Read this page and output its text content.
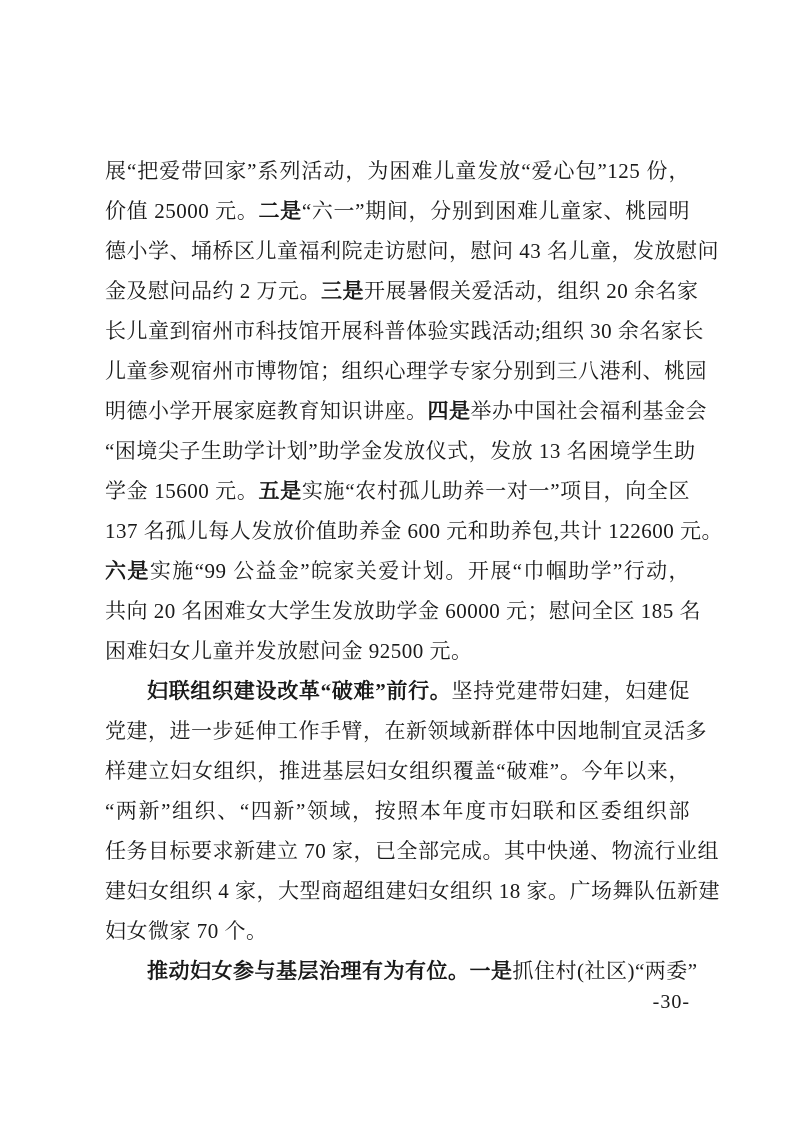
展“把爱带回家”系列活动，为困难儿童发放“爱心包”125 份，
价值 25000 元。二是“六一”期间，分别到困难儿童家、桃园明
德小学、埇桥区儿童福利院走访慰问，慰问 43 名儿童，发放慰问
金及慰问品约 2 万元。三是开展暑假关爱活动，组织 20 余名家
长儿童到宿州市科技馆开展科普体验实践活动;组织 30 余名家长
儿童参观宿州市博物馆；组织心理学专家分别到三八港利、桃园
明德小学开展家庭教育知识讲座。四是举办中国社会福利基金会
“困境尖子生助学计划”助学金发放仪式，发放 13 名困境学生助
学金 15600 元。五是实施“农村孤儿助养一对一”项目，向全区
137 名孤儿每人发放价值助养金 600 元和助养包,共计 122600 元。
六是实施“99 公益金”皖家关爱计划。开展“巾帼助学”行动，
共向 20 名困难女大学生发放助学金 60000 元；慰问全区 185 名
困难妇女儿童并发放慰问金 92500 元。
妇联组织建设改革“破难”前行。坚持党建带妇建，妇建促
党建，进一步延伸工作手臂，在新领域新群体中因地制宜灵活多
样建立妇女组织，推进基层妇女组织覆盖“破难”。今年以来，
“两新”组织、“四新”领域，按照本年度市妇联和区委组织部
任务目标要求新建立 70 家，已全部完成。其中快递、物流行业组
建妇女组织 4 家，大型商超组建妇女组织 18 家。广场舞队伍新建
妇女微家 70 个。
推动妇女参与基层治理有为有位。一是抓住村(社区)“两委”
-30-
